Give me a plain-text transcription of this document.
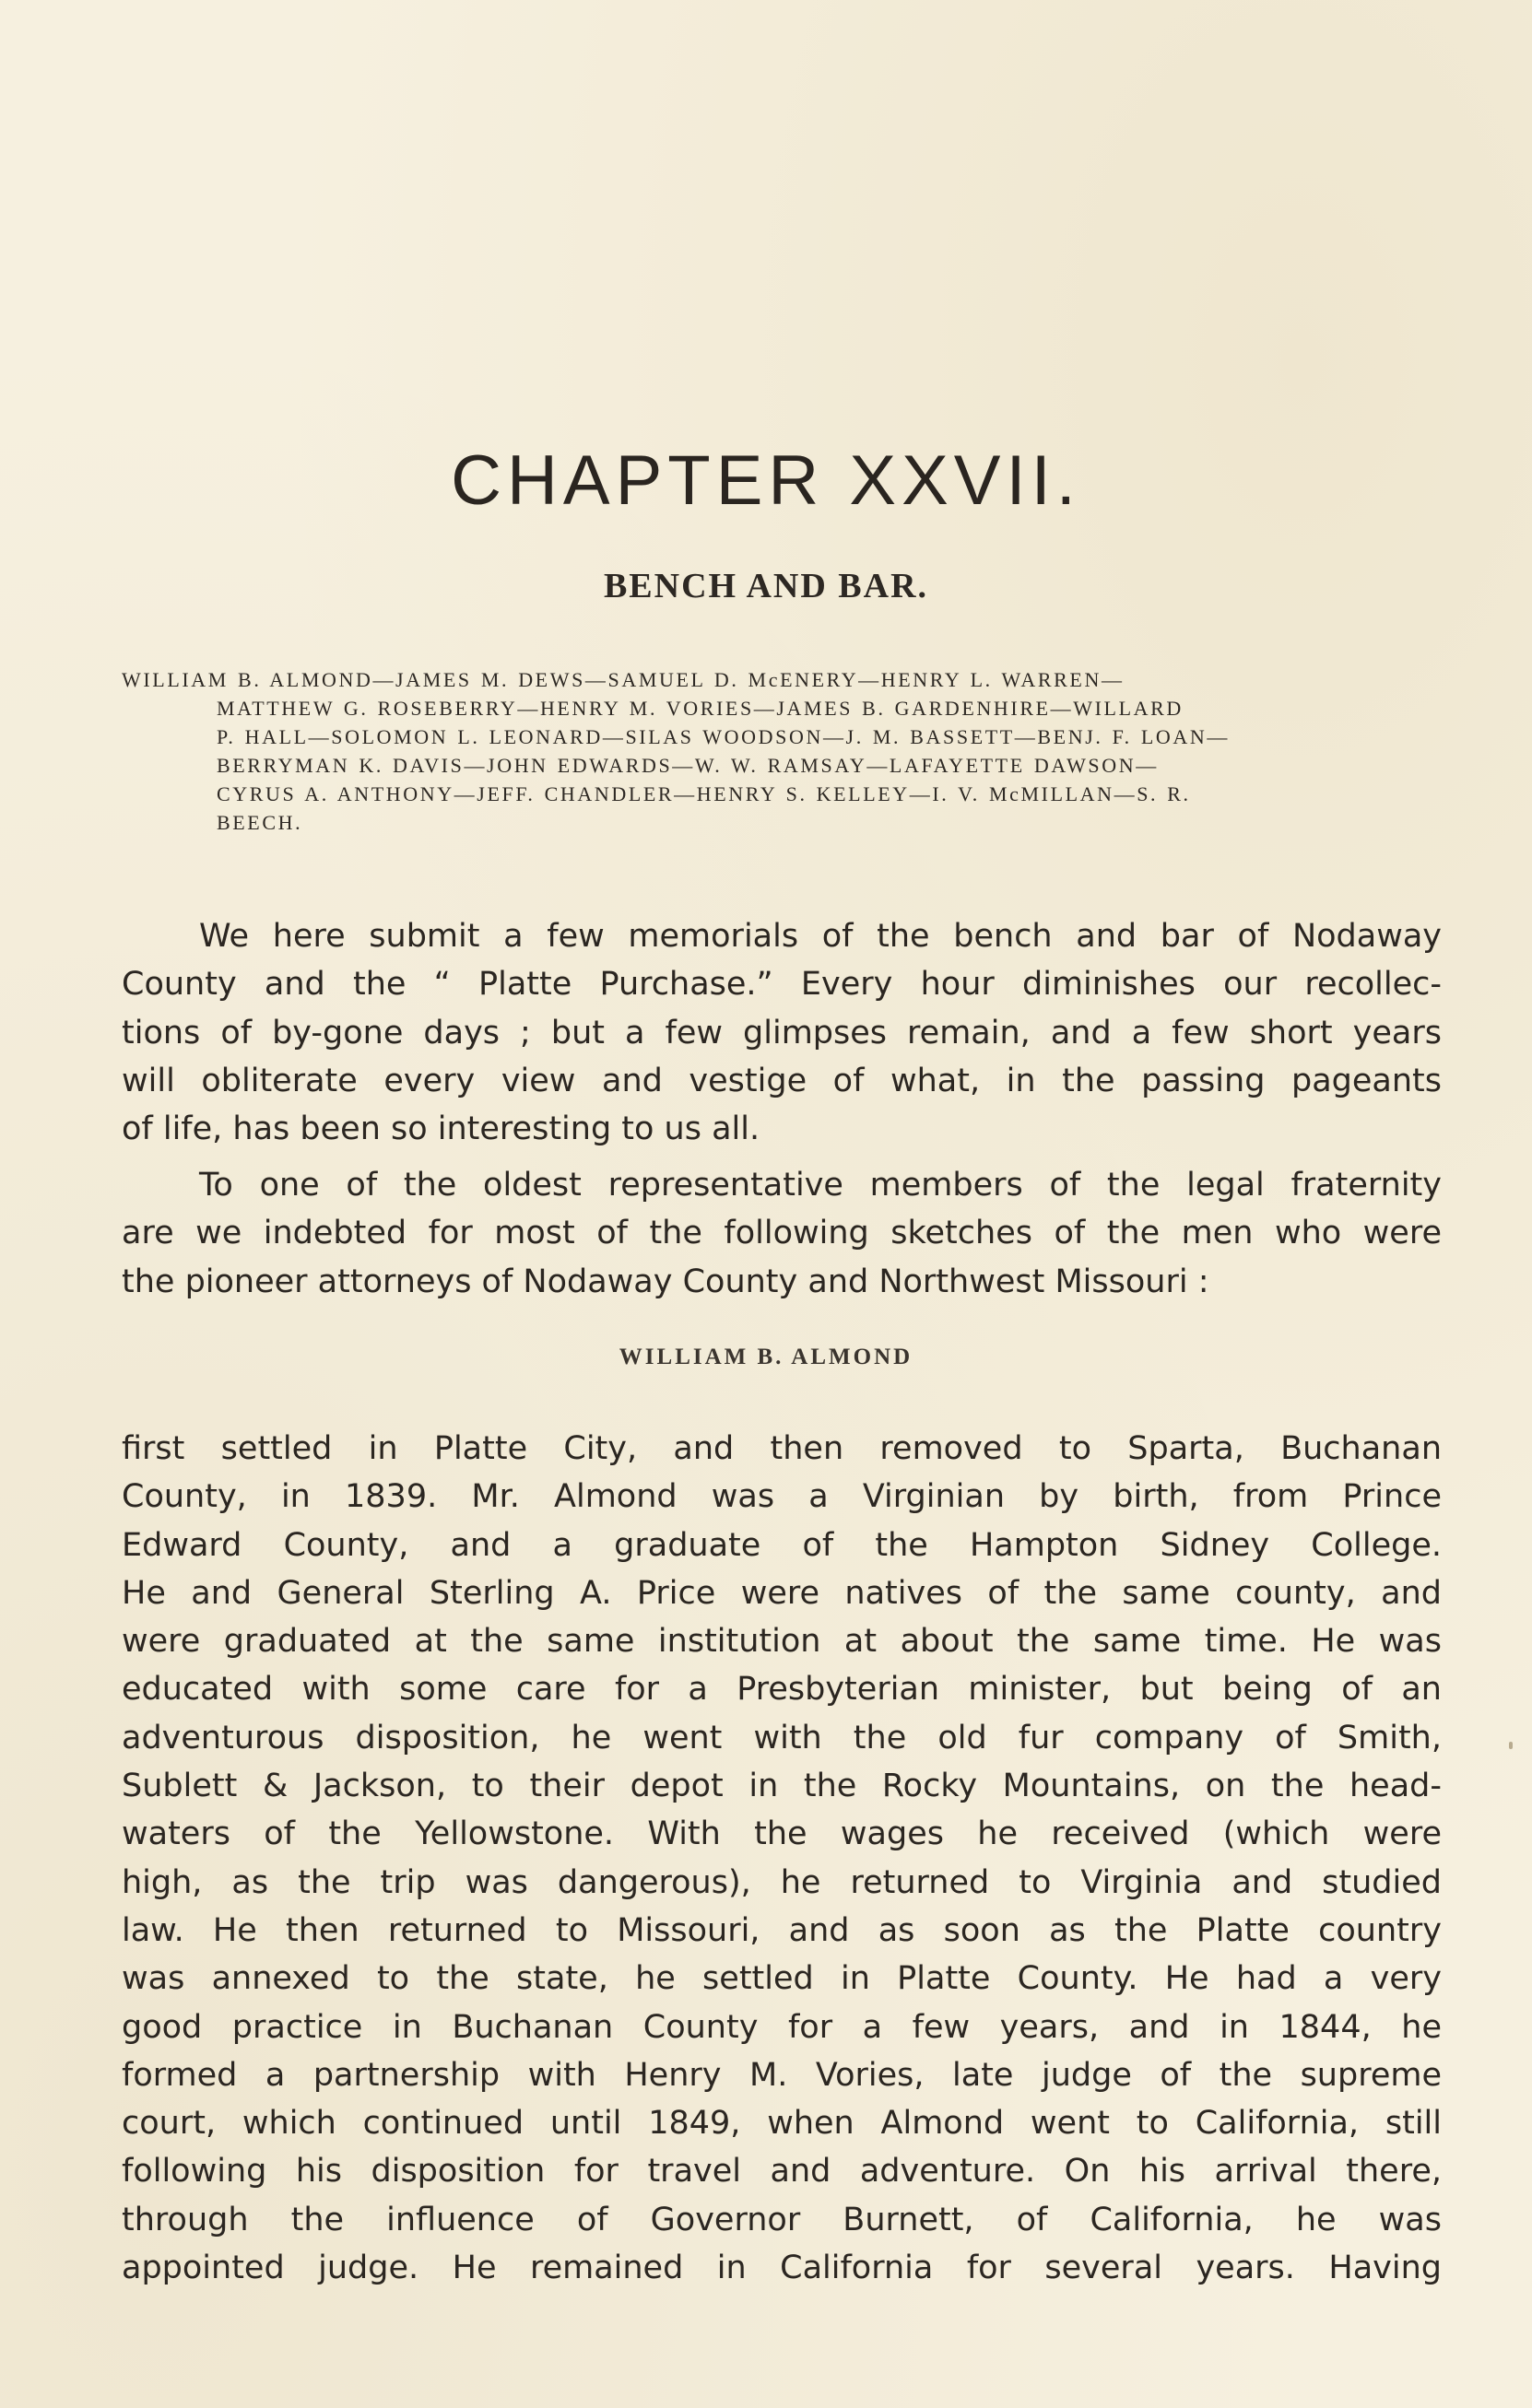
CHAPTER XXVII.
BENCH AND BAR.

WILLIAM B. ALMOND—JAMES M. DEWS—SAMUEL D. McENERY—HENRY L. WARREN—
MATTHEW G. ROSEBERRY—HENRY M. VORIES—JAMES B. GARDENHIRE—WILLARD
P. HALL—SOLOMON L. LEONARD—SILAS WOODSON—J. M. BASSETT—BENJ. F. LOAN—
BERRYMAN K. DAVIS—JOHN EDWARDS—W. W. RAMSAY—LAFAYETTE DAWSON—
CYRUS A. ANTHONY—JEFF. CHANDLER—HENRY S. KELLEY—I. V. McMILLAN—S. R.
BEECH.

We here submit a few memorials of the bench and bar of Nodaway
County and the “ Platte Purchase.” Every hour diminishes our recollec-
tions of by-gone days ; but a few glimpses remain, and a few short years
will obliterate every view and vestige of what, in the passing pageants
of life, has been so interesting to us all.

To one of the oldest representative members of the legal fraternity
are we indebted for most of the following sketches of the men who were
the pioneer attorneys of Nodaway County and Northwest Missouri :

WILLIAM B. ALMOND

first settled in Platte City, and then removed to Sparta, Buchanan
County, in 1839. Mr. Almond was a Virginian by birth, from Prince
Edward County, and a graduate of the Hampton Sidney College.
He and General Sterling A. Price were natives of the same county, and
were graduated at the same institution at about the same time. He was
educated with some care for a Presbyterian minister, but being of an
adventurous disposition, he went with the old fur company of Smith,
Sublett & Jackson, to their depot in the Rocky Mountains, on the head-
waters of the Yellowstone. With the wages he received (which were
high, as the trip was dangerous), he returned to Virginia and studied
law. He then returned to Missouri, and as soon as the Platte country
was annexed to the state, he settled in Platte County. He had a very
good practice in Buchanan County for a few years, and in 1844, he
formed a partnership with Henry M. Vories, late judge of the supreme
court, which continued until 1849, when Almond went to California, still
following his disposition for travel and adventure. On his arrival there,
through the influence of Governor Burnett, of California, he was
appointed judge. He remained in California for several years. Having
